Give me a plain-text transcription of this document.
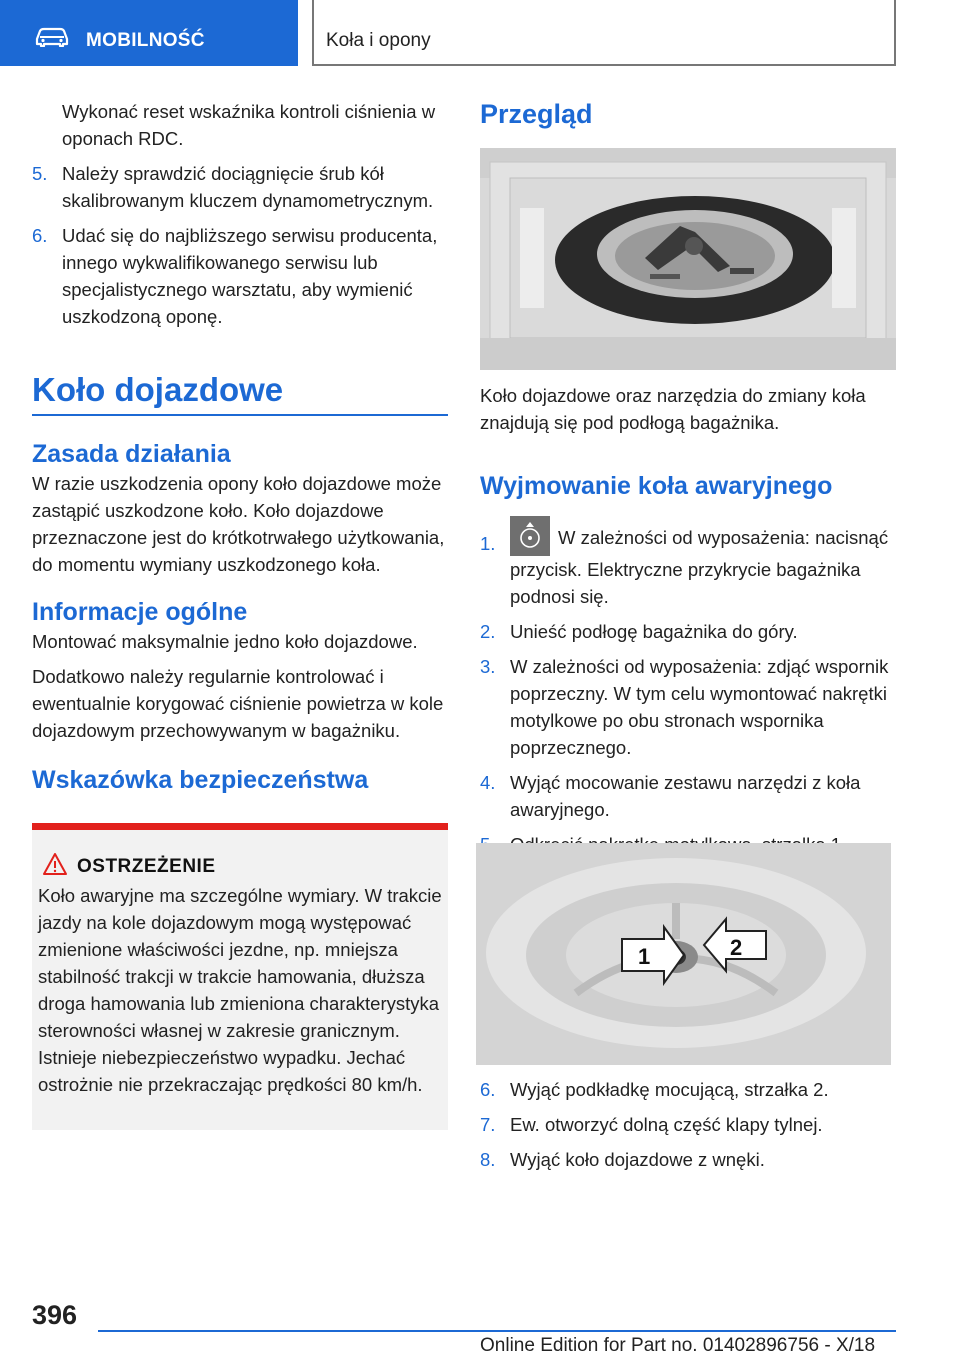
MOBILNOŚĆ	Koła i opony

Wykonać reset wskaźnika kontroli ciśnienia w oponach RDC.

5. Należy sprawdzić dociągnięcie śrub kół skalibrowanym kluczem dynamometrycznym.
6. Udać się do najbliższego serwisu producenta, innego wykwalifikowanego serwisu lub specjalistycznego warsztatu, aby wymienić uszkodzoną oponę.
Koło dojazdowe
Zasada działania

W razie uszkodzenia opony koło dojazdowe może zastąpić uszkodzone koło. Koło dojazdowe przeznaczone jest do krótkotrwałego użytkowania, do momentu wymiany uszkodzonego koła.

Informacje ogólne

Montować maksymalnie jedno koło dojazdowe.

Dodatkowo należy regularnie kontrolować i ewentualnie korygować ciśnienie powietrza w kole dojazdowym przechowywanym w bagażniku.

Wskazówka bezpieczeństwa
OSTRZEŻENIE
Koło awaryjne ma szczególne wymiary. W trakcie jazdy na kole dojazdowym mogą występować zmienione właściwości jezdne, np. mniejsza stabilność trakcji w trakcie hamowania, dłuższa droga hamowania lub zmieniona charakterystyka sterowności własnej w zakresie granicznym. Istnieje niebezpieczeństwo wypadku. Jechać ostrożnie nie przekraczając prędkości 80 km/h.
Przegląd

Koło dojazdowe oraz narzędzia do zmiany koła znajdują się pod podłogą bagażnika.

Wyjmowanie koła awaryjnego
1.	W zależności od wyposażenia: nacisnąć przycisk. Elektryczne przykrycie bagażnika podnosi się.
2. Unieść podłogę bagażnika do góry.
3. W zależności od wyposażenia: zdjąć wspornik poprzeczny. W tym celu wymontować nakrętki motylkowe po obu stronach wspornika poprzecznego.
4. Wyjąć mocowanie zestawu narzędzi z koła awaryjnego.
1	2
6. Wyjąć podkładkę mocującą, strzałka 2.
7. Ew. otworzyć dolną część klapy tylnej.
8. Wyjąć koło dojazdowe z wnęki.
396
Online Edition for Part no. 01402896756 - X/18
